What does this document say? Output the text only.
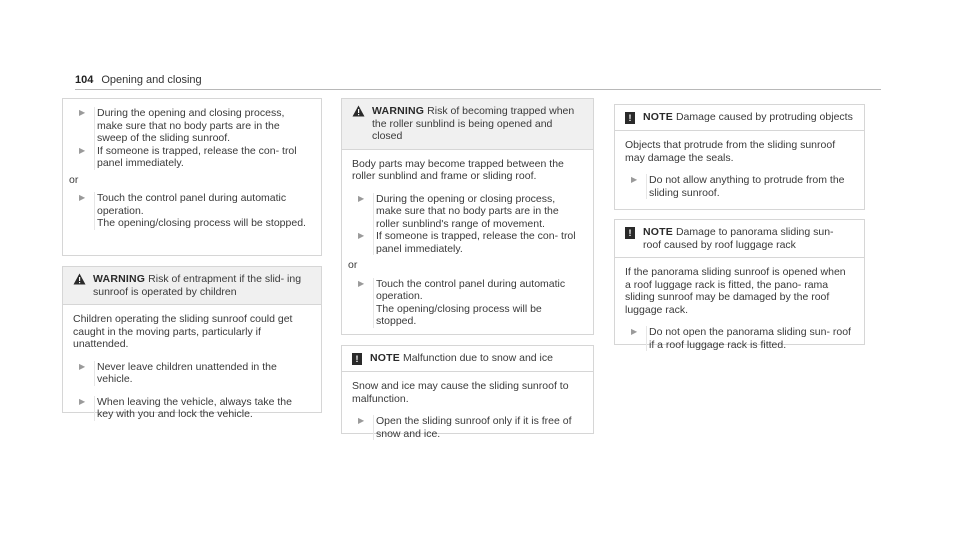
104 Opening and closing
▶	During the opening and closing process, make sure that no body parts are in the sweep of the sliding sunroof.
▶	If someone is trapped, release the con- trol panel immediately.
or
▶	Touch the control panel during automatic operation.
The opening/closing process will be stopped.
WARNING Risk of entrapment if the slid- ing sunroof is operated by children

Children operating the sliding sunroof could get caught in the moving parts, particularly if unattended.

▶	Never leave children unattended in the vehicle.
▶	When leaving the vehicle, always take the key with you and lock the vehicle.
WARNING Risk of becoming trapped when the roller sunblind is being opened and closed

Body parts may become trapped between the roller sunblind and frame or sliding roof.

▶	During the opening or closing process, make sure that no body parts are in the roller sunblind's range of movement.
▶	If someone is trapped, release the con- trol panel immediately.
or
▶	Touch the control panel during automatic operation.
The opening/closing process will be stopped.
!	NOTE Malfunction due to snow and ice

Snow and ice may cause the sliding sunroof to malfunction.

▶	Open the sliding sunroof only if it is free of snow and ice.
!	NOTE Damage caused by protruding objects

Objects that protrude from the sliding sunroof may damage the seals.

▶	Do not allow anything to protrude from the sliding sunroof.
!	NOTE Damage to panorama sliding sun- roof caused by roof luggage rack

If the panorama sliding sunroof is opened when a roof luggage rack is fitted, the pano- rama sliding sunroof may be damaged by the roof luggage rack.

▶	Do not open the panorama sliding sun- roof if a roof luggage rack is fitted.
